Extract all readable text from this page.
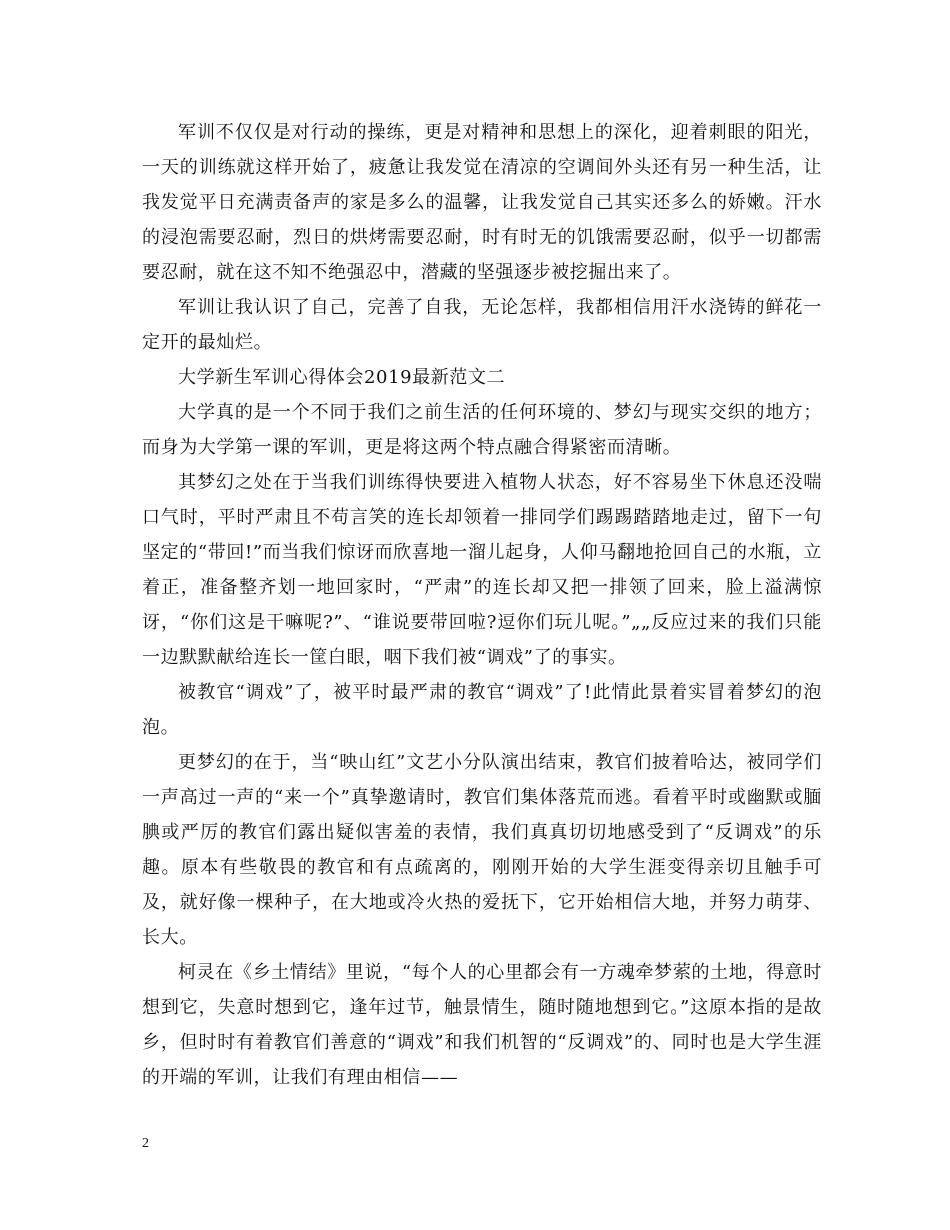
军训不仅仅是对行动的操练，更是对精神和思想上的深化，迎着刺眼的阳光，一天的训练就这样开始了，疲惫让我发觉在清凉的空调间外头还有另一种生活，让我发觉平日充满责备声的家是多么的温馨，让我发觉自己其实还多么的娇嫩。汗水的浸泡需要忍耐，烈日的烘烤需要忍耐，时有时无的饥饿需要忍耐，似乎一切都需要忍耐，就在这不知不绝强忍中，潜藏的坚强逐步被挖掘出来了。

军训让我认识了自己，完善了自我，无论怎样，我都相信用汗水浇铸的鲜花一定开的最灿烂。

大学新生军训心得体会2019最新范文二

大学真的是一个不同于我们之前生活的任何环境的、梦幻与现实交织的地方；而身为大学第一课的军训，更是将这两个特点融合得紧密而清晰。

其梦幻之处在于当我们训练得快要进入植物人状态，好不容易坐下休息还没喘口气时，平时严肃且不苟言笑的连长却领着一排同学们踢踢踏踏地走过，留下一句坚定的“带回!”而当我们惊讶而欣喜地一溜儿起身，人仰马翻地抢回自己的水瓶，立着正，准备整齐划一地回家时，“严肃”的连长却又把一排领了回来，脸上溢满惊讶，“你们这是干嘛呢?”、“谁说要带回啦?逗你们玩儿呢。”„„反应过来的我们只能一边默默献给连长一筐白眼，咽下我们被“调戏”了的事实。

被教官“调戏”了，被平时最严肃的教官“调戏”了!此情此景着实冒着梦幻的泡泡。

更梦幻的在于，当“映山红”文艺小分队演出结束，教官们披着哈达，被同学们一声高过一声的“来一个”真挚邀请时，教官们集体落荒而逃。看着平时或幽默或腼腆或严厉的教官们露出疑似害羞的表情，我们真真切切地感受到了“反调戏”的乐趣。原本有些敬畏的教官和有点疏离的，刚刚开始的大学生涯变得亲切且触手可及，就好像一棵种子，在大地或冷火热的爱抚下，它开始相信大地，并努力萌芽、长大。

柯灵在《乡土情结》里说，“每个人的心里都会有一方魂牵梦萦的土地，得意时想到它，失意时想到它，逢年过节，触景情生，随时随地想到它。”这原本指的是故乡，但时时有着教官们善意的“调戏”和我们机智的“反调戏”的、同时也是大学生涯的开端的军训，让我们有理由相信——

2
